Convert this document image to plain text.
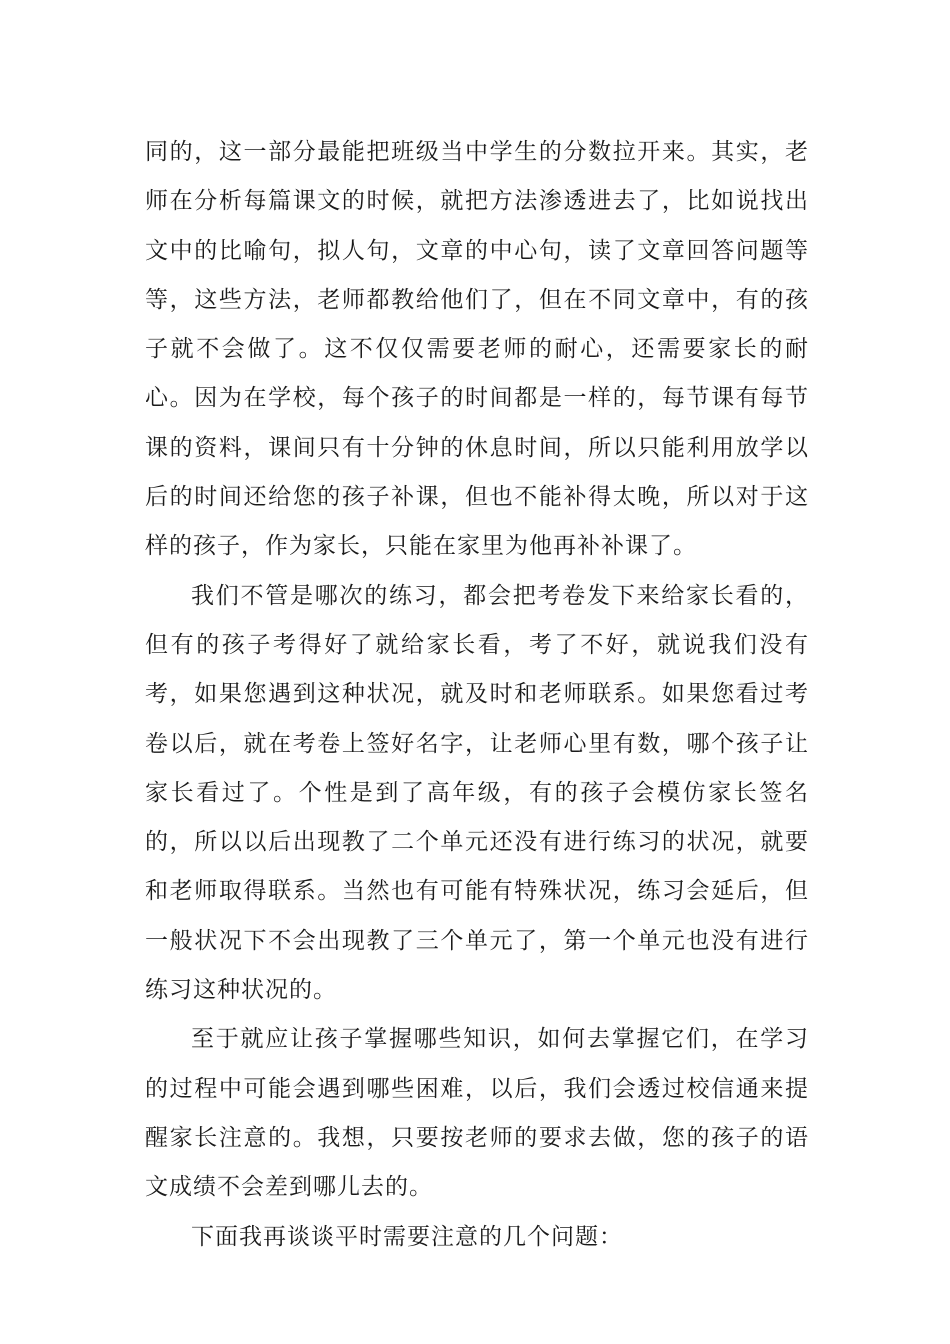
同的，这一部分最能把班级当中学生的分数拉开来。其实，老师在分析每篇课文的时候，就把方法渗透进去了，比如说找出文中的比喻句，拟人句，文章的中心句，读了文章回答问题等等，这些方法，老师都教给他们了，但在不同文章中，有的孩子就不会做了。这不仅仅需要老师的耐心，还需要家长的耐心。因为在学校，每个孩子的时间都是一样的，每节课有每节课的资料，课间只有十分钟的休息时间，所以只能利用放学以后的时间还给您的孩子补课，但也不能补得太晚，所以对于这样的孩子，作为家长，只能在家里为他再补补课了。

我们不管是哪次的练习，都会把考卷发下来给家长看的，但有的孩子考得好了就给家长看，考了不好，就说我们没有考，如果您遇到这种状况，就及时和老师联系。如果您看过考卷以后，就在考卷上签好名字，让老师心里有数，哪个孩子让家长看过了。个性是到了高年级，有的孩子会模仿家长签名的，所以以后出现教了二个单元还没有进行练习的状况，就要和老师取得联系。当然也有可能有特殊状况，练习会延后，但一般状况下不会出现教了三个单元了，第一个单元也没有进行练习这种状况的。

至于就应让孩子掌握哪些知识，如何去掌握它们，在学习的过程中可能会遇到哪些困难，以后，我们会透过校信通来提醒家长注意的。我想，只要按老师的要求去做，您的孩子的语文成绩不会差到哪儿去的。

下面我再谈谈平时需要注意的几个问题：
